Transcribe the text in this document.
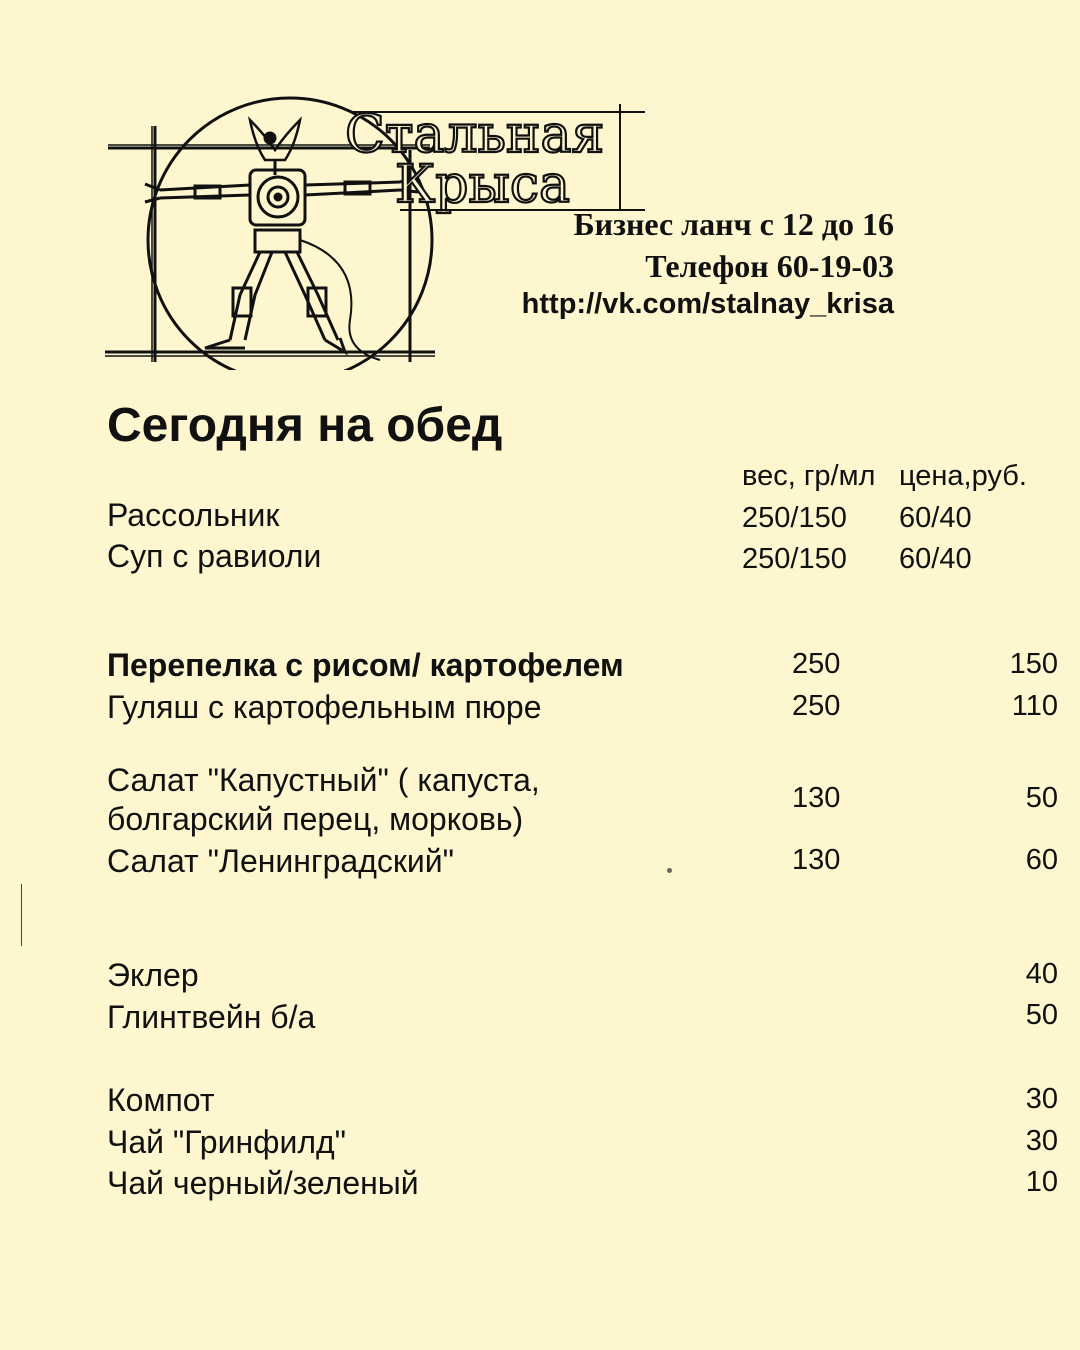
Стальная
Крыса
Бизнес ланч с 12 до 16
Телефон 60-19-03
http://vk.com/stalnay_krisa
Сегодня на обед
вес, гр/мл цена,руб.
Рассольник	250/150 60/40
Суп с равиоли	250/150 60/40
Перепелка с рисом/ картофелем	250	150
Гуляш с картофельным пюре	250	110
Салат "Капустный" ( капуста,
болгарский перец, морковь)
130	50
Салат "Ленинградский"	130	60
Эклер	40
Глинтвейн б/а	50
Компот	30
Чай "Гринфилд"	30
Чай черный/зеленый	10
